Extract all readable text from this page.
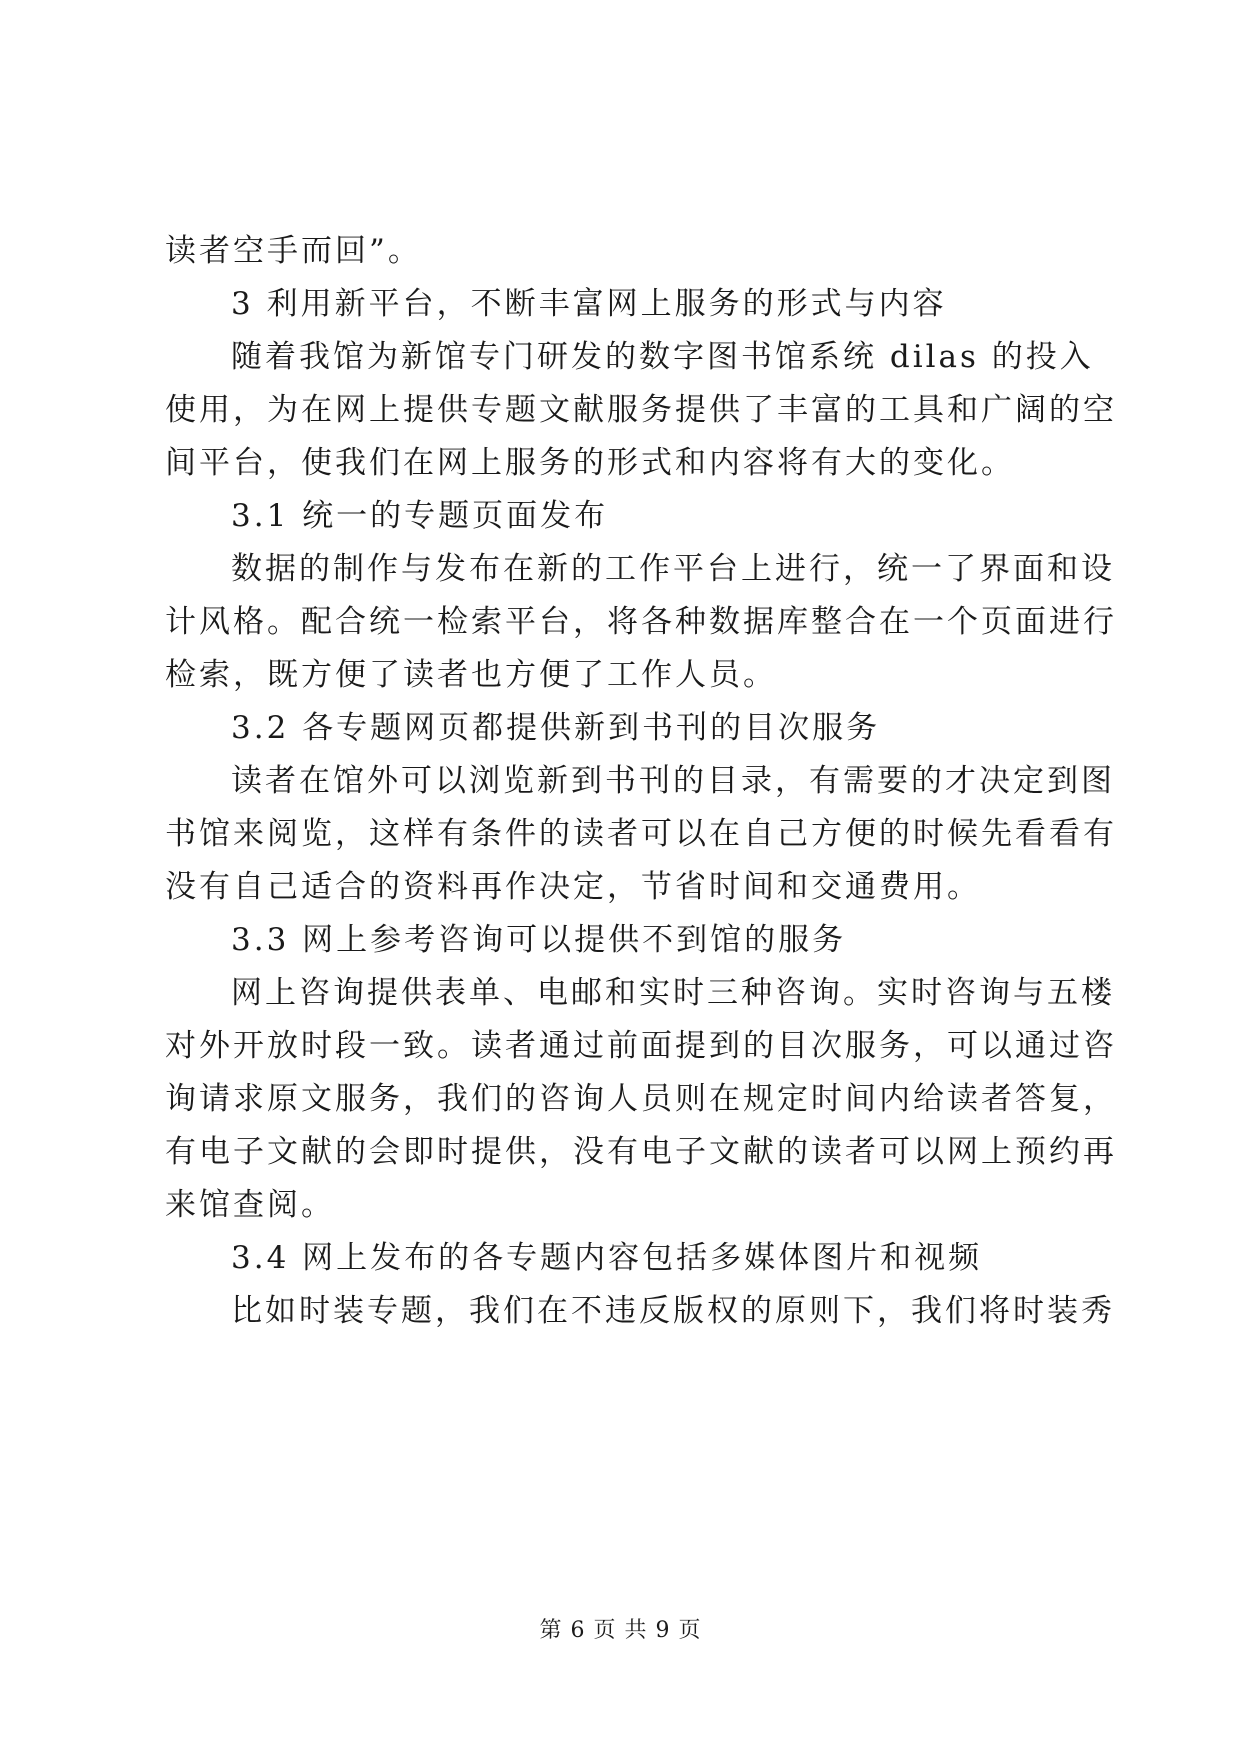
读者空手而回”。
3 利用新平台，不断丰富网上服务的形式与内容
随着我馆为新馆专门研发的数字图书馆系统 dilas 的投入
使用，为在网上提供专题文献服务提供了丰富的工具和广阔的空
间平台，使我们在网上服务的形式和内容将有大的变化。
3.1 统一的专题页面发布
数据的制作与发布在新的工作平台上进行，统一了界面和设
计风格。配合统一检索平台，将各种数据库整合在一个页面进行
检索，既方便了读者也方便了工作人员。
3.2 各专题网页都提供新到书刊的目次服务
读者在馆外可以浏览新到书刊的目录，有需要的才决定到图
书馆来阅览，这样有条件的读者可以在自己方便的时候先看看有
没有自己适合的资料再作决定，节省时间和交通费用。
3.3 网上参考咨询可以提供不到馆的服务
网上咨询提供表单、电邮和实时三种咨询。实时咨询与五楼
对外开放时段一致。读者通过前面提到的目次服务，可以通过咨
询请求原文服务，我们的咨询人员则在规定时间内给读者答复，
有电子文献的会即时提供，没有电子文献的读者可以网上预约再
来馆查阅。
3.4 网上发布的各专题内容包括多媒体图片和视频
比如时装专题，我们在不违反版权的原则下，我们将时装秀
第 6 页 共 9 页
